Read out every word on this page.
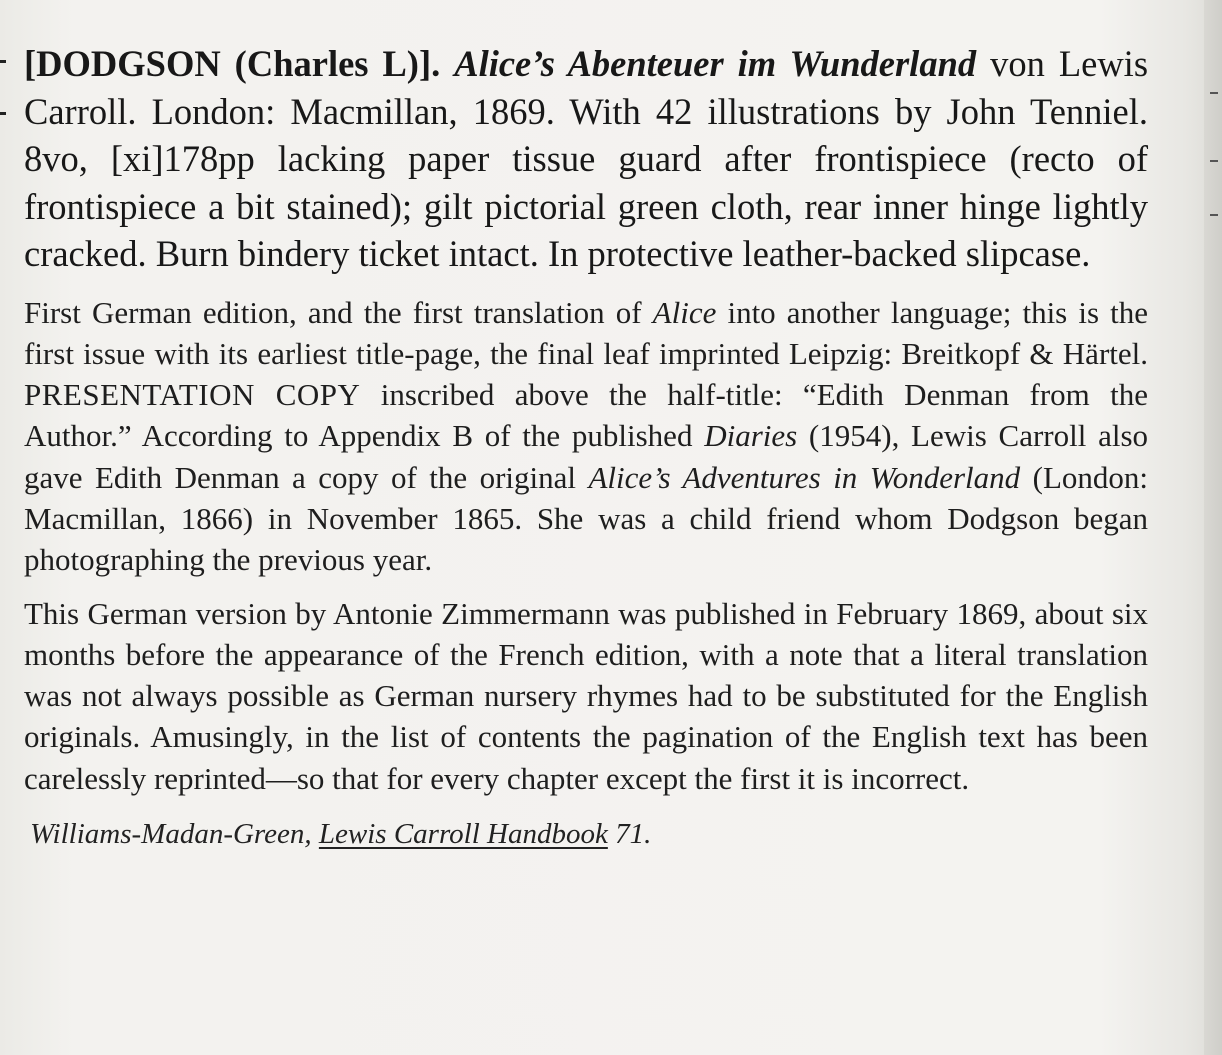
[DODGSON (Charles L)]. Alice’s Abenteuer im Wunderland von Lewis Carroll. London: Macmillan, 1869. With 42 illustrations by John Tenniel. 8vo, [xi]178pp lacking paper tissue guard after frontispiece (recto of frontispiece a bit stained); gilt pictorial green cloth, rear inner hinge lightly cracked. Burn bindery ticket intact. In protective leather-backed slipcase.

First German edition, and the first translation of Alice into another language; this is the first issue with its earliest title-page, the final leaf imprinted Leipzig: Breitkopf & Härtel. PRESENTATION COPY inscribed above the half-title: “Edith Denman from the Author.” According to Appendix B of the published Diaries (1954), Lewis Carroll also gave Edith Denman a copy of the original Alice’s Adventures in Wonderland (London: Macmillan, 1866) in November 1865. She was a child friend whom Dodgson began photographing the previous year.

This German version by Antonie Zimmermann was published in February 1869, about six months before the appearance of the French edition, with a note that a literal translation was not always possible as German nursery rhymes had to be substituted for the English originals. Amusingly, in the list of contents the pagination of the English text has been carelessly reprinted—so that for every chapter except the first it is incorrect.

Williams-Madan-Green, Lewis Carroll Handbook 71.
